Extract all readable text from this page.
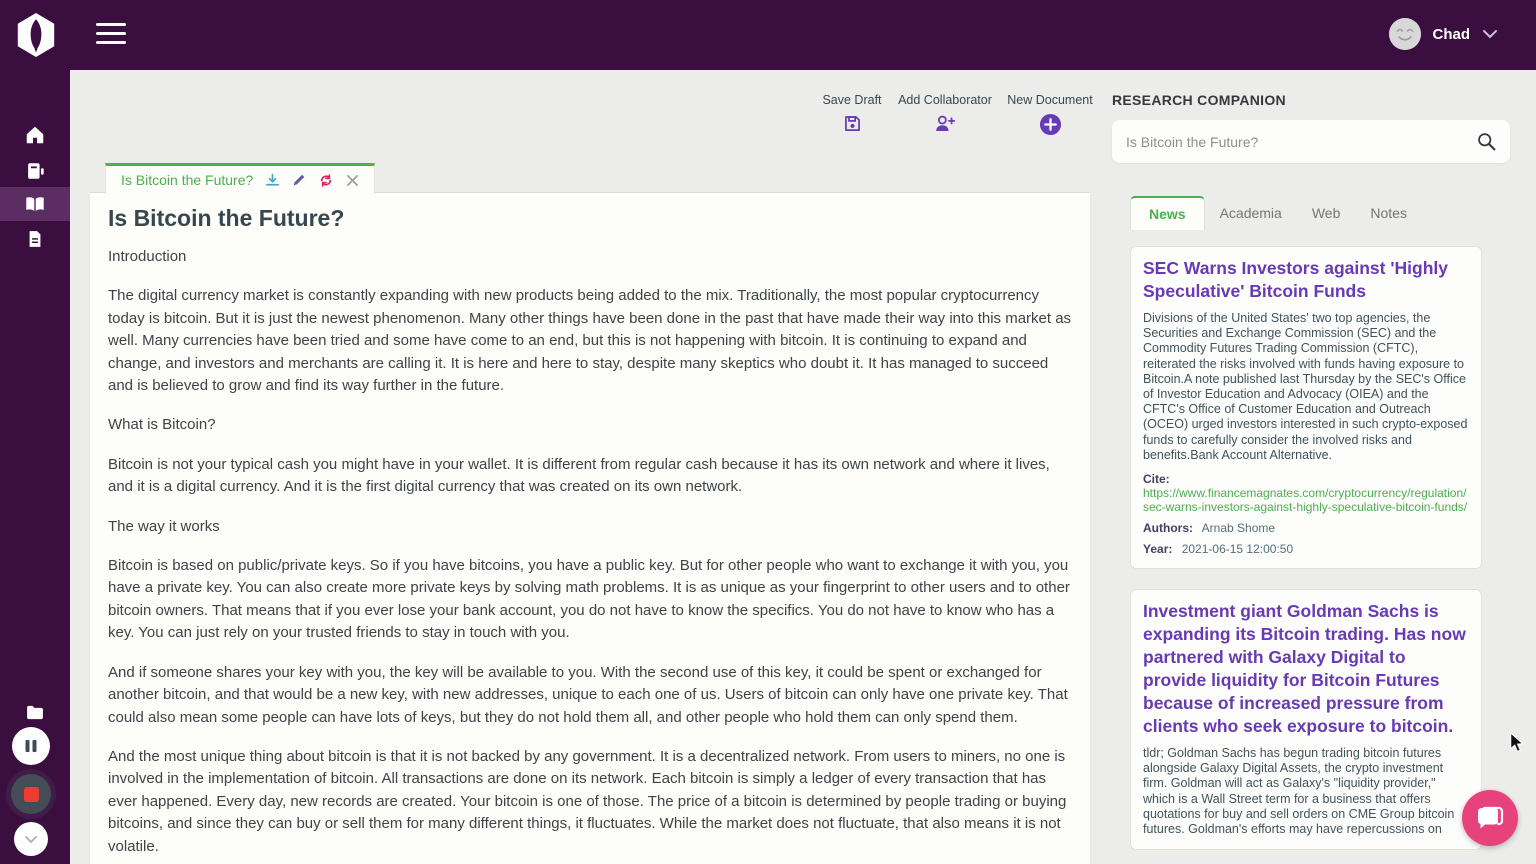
Chad
Save Draft Add Collaborator New Document
Is Bitcoin the Future?
Is Bitcoin the Future?

Introduction

The digital currency market is constantly expanding with new products being added to the mix. Traditionally, the most popular cryptocurrency today is bitcoin. But it is just the newest phenomenon. Many other things have been done in the past that have made their way into this market as well. Many currencies have been tried and some have come to an end, but this is not happening with bitcoin. It is continuing to expand and change, and investors and merchants are calling it. It is here and here to stay, despite many skeptics who doubt it. It has managed to succeed and is believed to grow and find its way further in the future.

What is Bitcoin?

Bitcoin is not your typical cash you might have in your wallet. It is different from regular cash because it has its own network and where it lives, and it is a digital currency. And it is the first digital currency that was created on its own network.

The way it works

Bitcoin is based on public/private keys. So if you have bitcoins, you have a public key. But for other people who want to exchange it with you, you have a private key. You can also create more private keys by solving math problems. It is as unique as your fingerprint to other users and to other bitcoin owners. That means that if you ever lose your bank account, you do not have to know the specifics. You do not have to know who has a key. You can just rely on your trusted friends to stay in touch with you.

And if someone shares your key with you, the key will be available to you. With the second use of this key, it could be spent or exchanged for another bitcoin, and that would be a new key, with new addresses, unique to each one of us. Users of bitcoin can only have one private key. That could also mean some people can have lots of keys, but they do not hold them all, and other people who hold them can only spend them.

And the most unique thing about bitcoin is that it is not backed by any government. It is a decentralized network. From users to miners, no one is involved in the implementation of bitcoin. All transactions are done on its network. Each bitcoin is simply a ledger of every transaction that has ever happened. Every day, new records are created. Your bitcoin is one of those. The price of a bitcoin is determined by people trading or buying bitcoins, and since they can buy or sell them for many different things, it fluctuates. While the market does not fluctuate, that also means it is not volatile.

RESEARCH COMPANION
Is Bitcoin the Future?
News	Academia	Web	Notes
SEC Warns Investors against 'Highly Speculative' Bitcoin Funds
Divisions of the United States' two top agencies, the Securities and Exchange Commission (SEC) and the Commodity Futures Trading Commission (CFTC), reiterated the risks involved with funds having exposure to Bitcoin.A note published last Thursday by the SEC's Office of Investor Education and Advocacy (OIEA) and the CFTC's Office of Customer Education and Outreach (OCEO) urged investors interested in such crypto-exposed funds to carefully consider the involved risks and benefits.Bank Account Alternative.
Cite:
https://www.financemagnates.com/cryptocurrency/regulation/sec-warns-investors-against-highly-speculative-bitcoin-funds/
Authors: Arnab Shome
Year: 2021-06-15 12:00:50
Investment giant Goldman Sachs is expanding its Bitcoin trading. Has now partnered with Galaxy Digital to provide liquidity for Bitcoin Futures because of increased pressure from clients who seek exposure to bitcoin.
tldr; Goldman Sachs has begun trading bitcoin futures alongside Galaxy Digital Assets, the crypto investment firm. Goldman will act as Galaxy's "liquidity provider," which is a Wall Street term for a business that offers quotations for buy and sell orders on CME Group bitcoin futures. Goldman's efforts may have repercussions on
